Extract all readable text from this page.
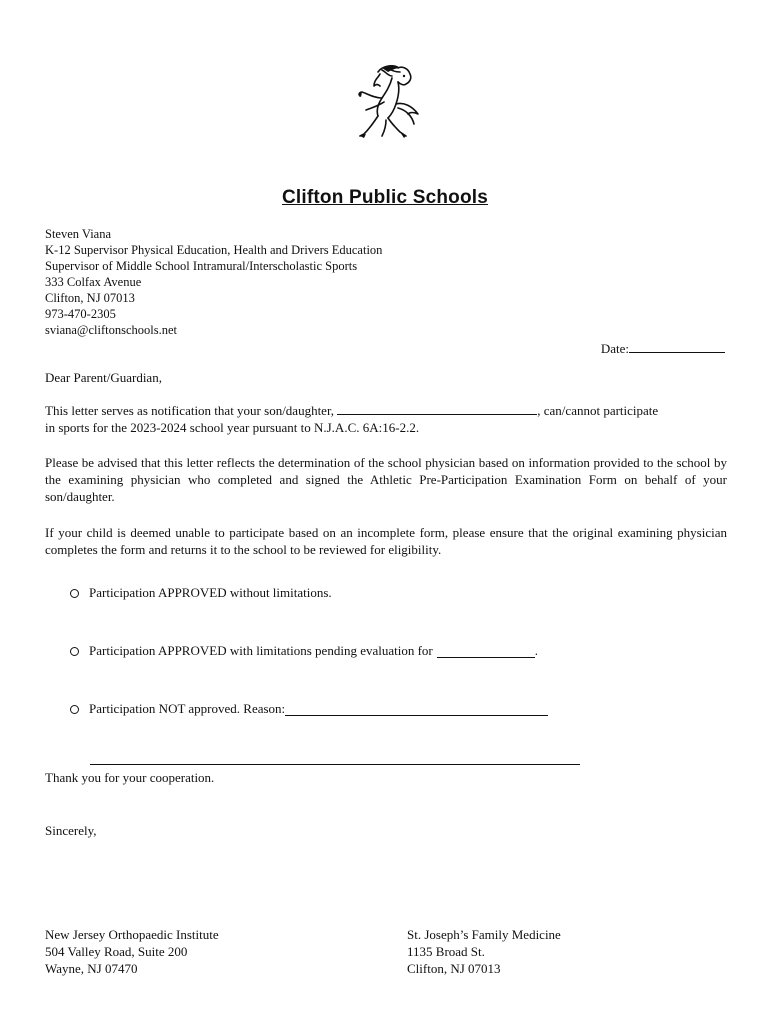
Clifton Public Schools
Steven Viana
K-12 Supervisor Physical Education, Health and Drivers Education
Supervisor of Middle School Intramural/Interscholastic Sports
333 Colfax Avenue
Clifton, NJ 07013
973-470-2305
sviana@cliftonschools.net
Date:
Dear Parent/Guardian,
This letter serves as notification that your son/daughter,	, can/cannot participate
in sports for the 2023-2024 school year pursuant to N.J.A.C. 6A:16-2.2.
Please be advised that this letter reflects the determination of the school physician based on information provided to the school by the examining physician who completed and signed the Athletic Pre-Participation Examination Form on behalf of your son/daughter.
If your child is deemed unable to participate based on an incomplete form, please ensure that the original examining physician completes the form and returns it to the school to be reviewed for eligibility.
Participation APPROVED without limitations.
Participation APPROVED with limitations pending evaluation for	.
Participation NOT approved. Reason:
Thank you for your cooperation.
Sincerely,
New Jersey Orthopaedic Institute
504 Valley Road, Suite 200
Wayne, NJ 07470
St. Joseph’s Family Medicine
1135 Broad St.
Clifton, NJ 07013
